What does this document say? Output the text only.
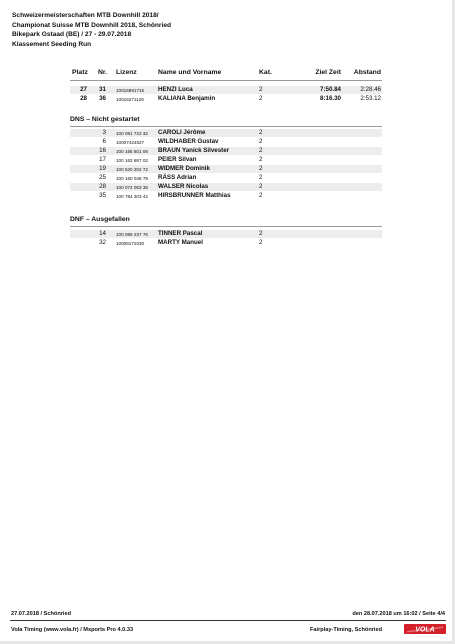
Schweizermeisterschaften MTB Downhill 2018/
Championat Suisse MTB Downhill 2018, Schönried
Bikepark Gstaad (BE) / 27 - 29.07.2018
Klassement Seeding Run
Platz Nr. Lizenz	Name und Vorname	Kat.	Ziel Zeit	Abstand
27	31 10015891715 HENZI Luca	2	7:50.84	2:28.46
28	36 10016271126 KALIANA Benjamin	2	8:16.30	2:53.12
DNS – Nicht gestartet
3 100 081 722 32 CAROLI Jérôme	2
6 10007424627 WILDHABER Gustav	2
16 100 165 601 06 BRAUN Yanick Silvester	2
17 100 162 687 02 PEIER Silvan	2
19 100 520 202 72 WIDMER Dominik	2
25 100 160 048 79 RÄSS Adrian	2
28 100 074 063 36 WALSER Nicolas	2
35 100 784 303 42 HIRSBRUNNER Matthias	2
DNF – Ausgefallen
14 100 089 237 76 TINNER Pascal	2
32 10008172030 MARTY Manuel	2
27.07.2018 / Schönried	den 28.07.2018 um 16:02 / Seite 4/4
Vola Timing (www.vola.fr) / Msports Pro 4.0.33	Fairplay-Timing, Schönried	VOLA
